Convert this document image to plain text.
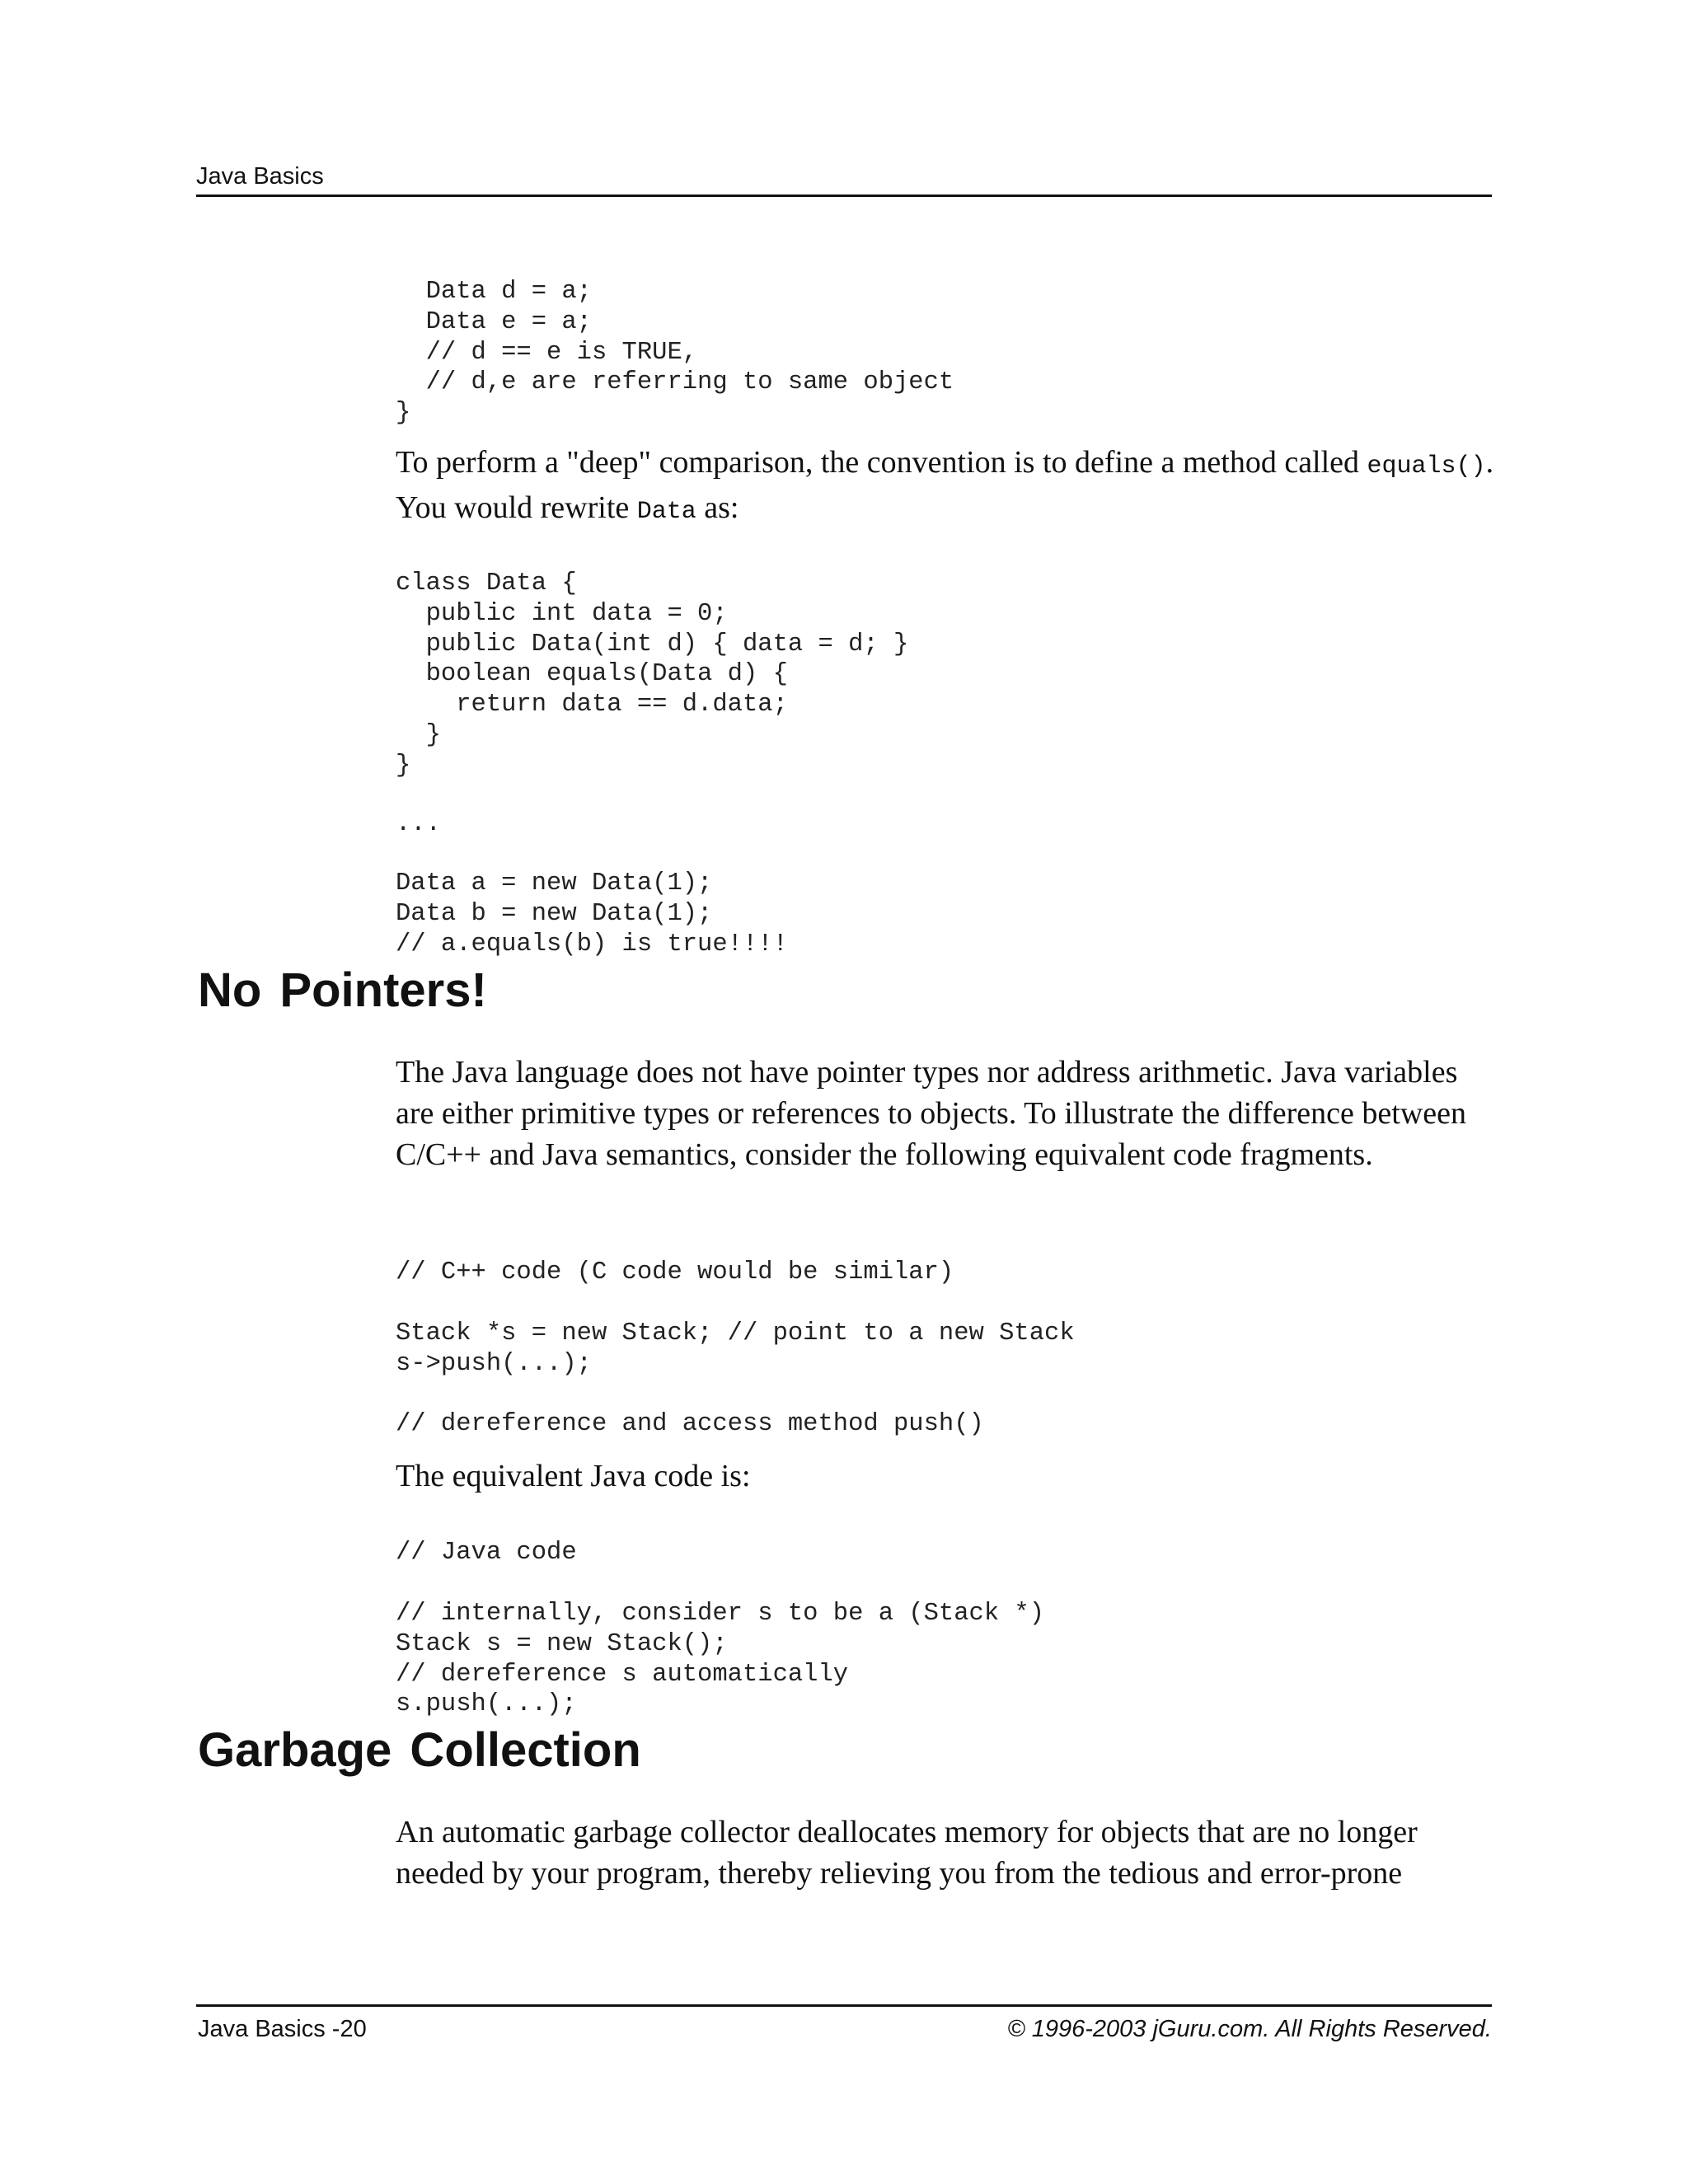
Java Basics
Data d = a;
Data e = a;
// d == e is TRUE,
// d,e are referring to same object
}

To perform a "deep" comparison, the convention is to define a method called equals(). You would rewrite Data as:

class Data {
public int data = 0;
public Data(int d) { data = d; }
boolean equals(Data d) {
return data == d.data;
}
}
...
Data a = new Data(1);
Data b = new Data(1);
// a.equals(b) is true!!!!
No Pointers!

The Java language does not have pointer types nor address arithmetic. Java variables are either primitive types or references to objects. To illustrate the difference between C/C++ and Java semantics, consider the following equivalent code fragments.

// C++ code (C code would be similar)
Stack *s = new Stack; // point to a new Stack
s->push(...);
// dereference and access method push()

The equivalent Java code is:

// Java code
// internally, consider s to be a (Stack *)
Stack s = new Stack();
// dereference s automatically
s.push(...);
Garbage Collection

An automatic garbage collector deallocates memory for objects that are no longer needed by your program, thereby relieving you from the tedious and error-prone

Java Basics -20	© 1996-2003 jGuru.com. All Rights Reserved.
